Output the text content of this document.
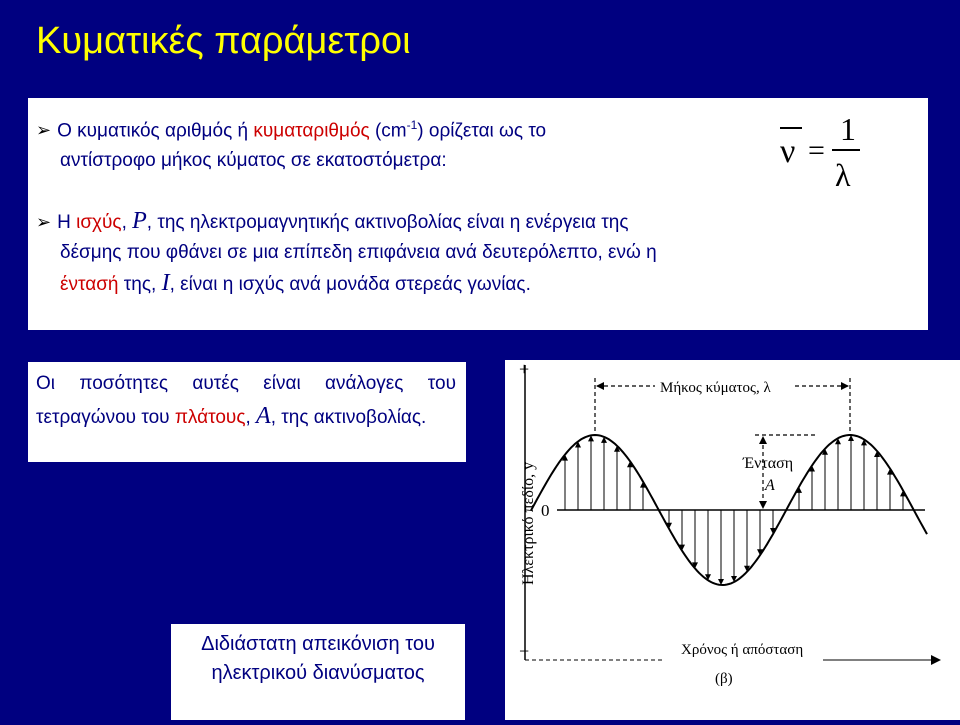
Κυματικές παράμετροι
➢ Ο κυματικός αριθμός ή κυματαριθμός $(cm^{-1})$ ορίζεται ως το
αντίστροφο μήκος κύματος σε εκατοστόμετρα:	ν =
1
λ
➢ Η ισχύς, P, της ηλεκτρομαγνητικής ακτινοβολίας είναι η ενέργεια της
δέσμης που φθάνει σε μια επίπεδη επιφάνεια ανά δευτερόλεπτο, ενώ η
έντασή της, I, είναι η ισχύς ανά μονάδα στερεάς γωνίας.
Οι ποσότητες αυτές είναι ανάλογες του τετραγώνου του πλάτους, A, της ακτινοβολίας.
Διδιάστατη απεικόνιση του
ηλεκτρικού διανύσματος
+
−
0
Ηλεκτρικό πεδίο, y
Μήκος κύματος, λ
Ένταση
A
Χρόνος ή απόσταση
(β)
